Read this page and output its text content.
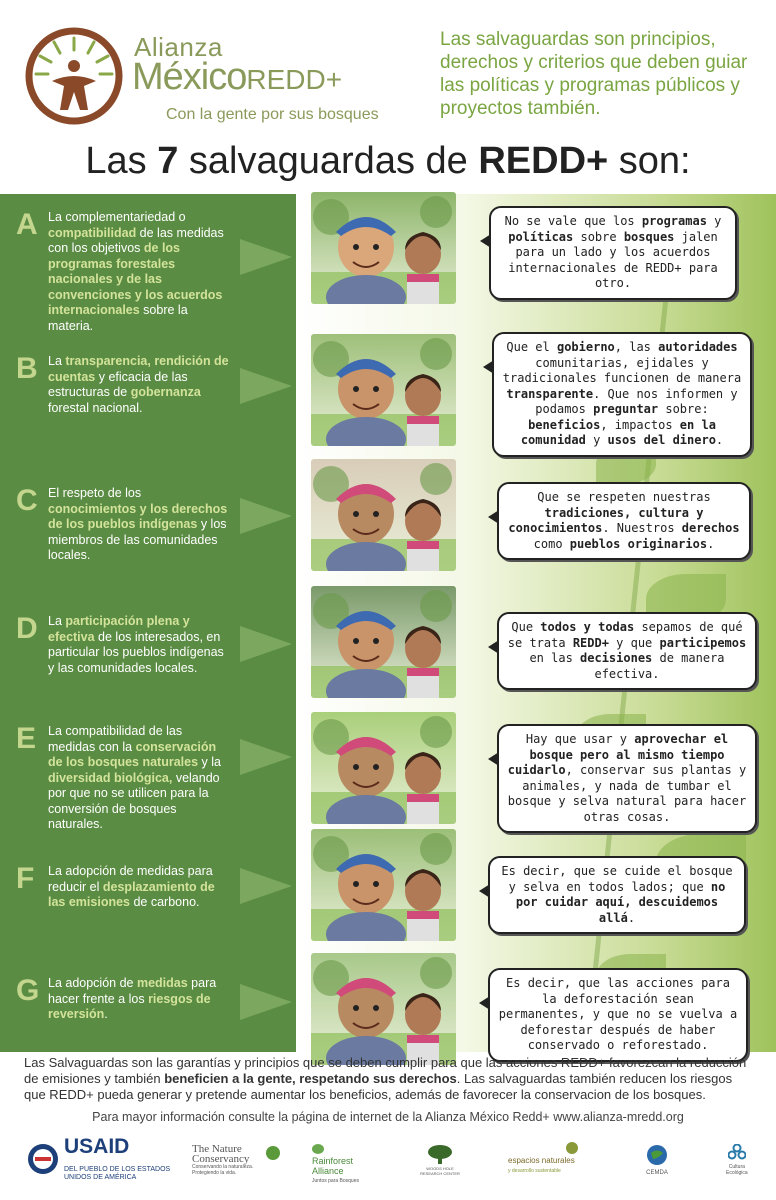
Alianza
MéxicoREDD+
Con la gente por sus bosques
Las salvaguardas son principios, derechos y criterios que deben guiar las políticas y programas públicos y proyectos también.
Las 7 salvaguardas de REDD+ son:
A La complementariedad o compatibilidad de las medidas con los objetivos de los programas forestales nacionales y de las convenciones y los acuerdos internacionales sobre la materia.
No se vale que los programas y políticas sobre bosques jalen para un lado y los acuerdos internacionales de REDD+ para otro.
B La transparencia, rendición de cuentas y eficacia de las estructuras de gobernanza forestal nacional.
Que el gobierno, las autoridades comunitarias, ejidales y tradicionales funcionen de manera transparente. Que nos informen y podamos preguntar sobre: beneficios, impactos en la comunidad y usos del dinero.
C El respeto de los conocimientos y los derechos de los pueblos indígenas y los miembros de las comunidades locales.
Que se respeten nuestras tradiciones, cultura y conocimientos. Nuestros derechos como pueblos originarios.
D La participación plena y efectiva de los interesados, en particular los pueblos indígenas y las comunidades locales.
Que todos y todas sepamos de qué se trata REDD+ y que participemos en las decisiones de manera efectiva.
E La compatibilidad de las medidas con la conservación de los bosques naturales y la diversidad biológica, velando por que no se utilicen para la conversión de bosques naturales.
Hay que usar y aprovechar el bosque pero al mismo tiempo cuidarlo, conservar sus plantas y animales, y nada de tumbar el bosque y selva natural para hacer otras cosas.
F La adopción de medidas para reducir el desplazamiento de las emisiones de carbono.
Es decir, que se cuide el bosque y selva en todos lados; que no por cuidar aquí, descuidemos allá.
G La adopción de medidas para hacer frente a los riesgos de reversión.
Es decir, que las acciones para la deforestación sean permanentes, y que no se vuelva a deforestar después de haber conservado o reforestado.
Las Salvaguardas son las garantías y principios que se deben cumplir para que las acciones REDD+ favorezcan la reducción de emisiones y también beneficien a la gente, respetando sus derechos. Las salvaguardas también reducen los riesgos que REDD+ pueda generar y pretende aumentar los beneficios, además de favorecer la conservacion de los bosques.
Para mayor información consulte la página de internet de la Alianza México Redd+ www.alianza-mredd.org
USAID
DEL PUEBLO DE LOS ESTADOS UNIDOS DE AMÉRICA
The Nature
Conservancy
Conservando la naturaleza. Protegiendo la vida.
Rainforest
Alliance
Juntos para Bosques
WOODS HOLE RESEARCH CENTER
espacios naturales
y desarrollo sustentable	CEMDA
Cultura
Ecológica
